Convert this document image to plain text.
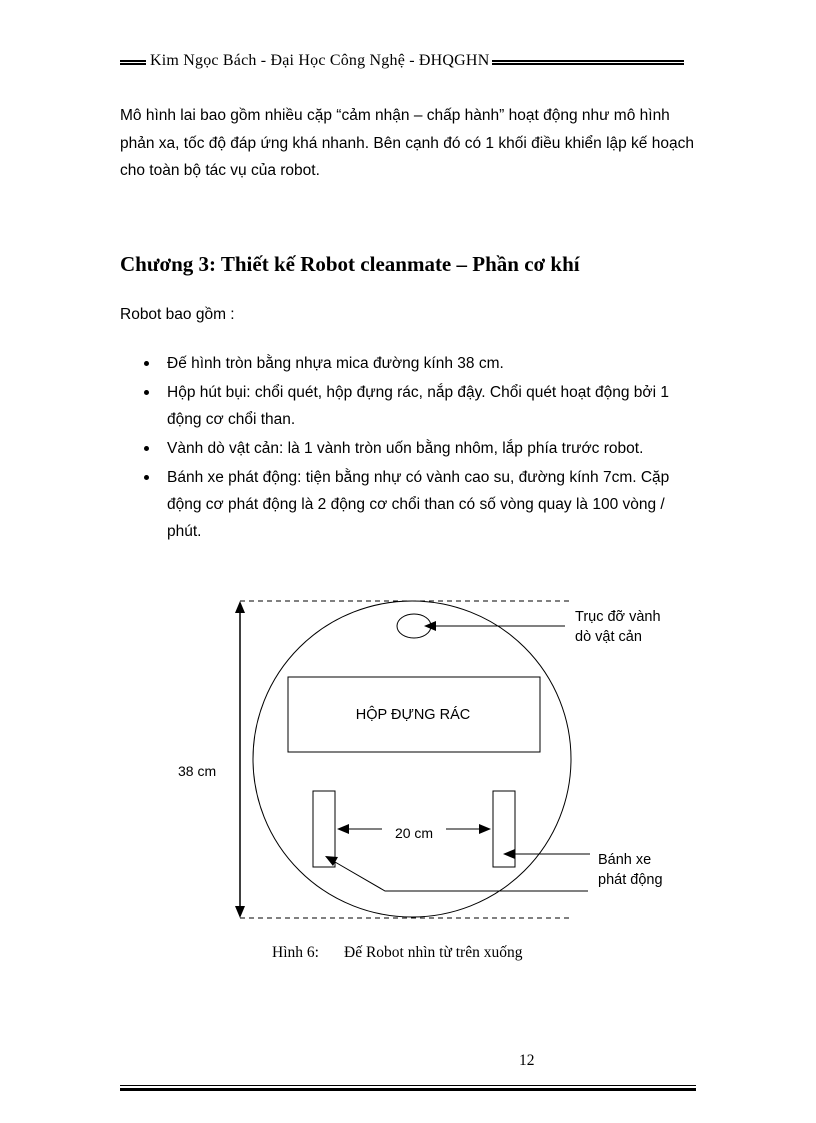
Kim Ngọc Bách - Đại Học Công Nghệ - ĐHQGHN
Mô hình lai bao gồm nhiều cặp “cảm nhận – chấp hành” hoạt động như mô hình
phản xa, tốc độ đáp ứng khá nhanh. Bên cạnh đó có 1 khối điều khiển lập kế hoạch
cho toàn bộ tác vụ của robot.
Chương 3: Thiết kế Robot cleanmate – Phần cơ khí
Robot bao gồm :
Đế hình tròn bằng nhựa mica đường kính 38 cm.
Hộp hút bụi: chổi quét, hộp đựng rác, nắp đậy. Chổi quét hoạt động bởi 1
động cơ chổi than.
Vành dò vật cản: là 1 vành tròn uốn bằng nhôm, lắp phía trước robot.
Bánh xe phát động: tiện bằng nhự có vành cao su, đường kính 7cm. Cặp
động cơ phát động là 2 động cơ chổi than có số vòng quay là 100 vòng /
phút.
HỘP ĐỰNG RÁC
20 cm
38 cm
Trục đỡ vành
dò vật cản
Bánh xe
phát động
Hình 6: Đế Robot nhìn từ trên xuống
12
